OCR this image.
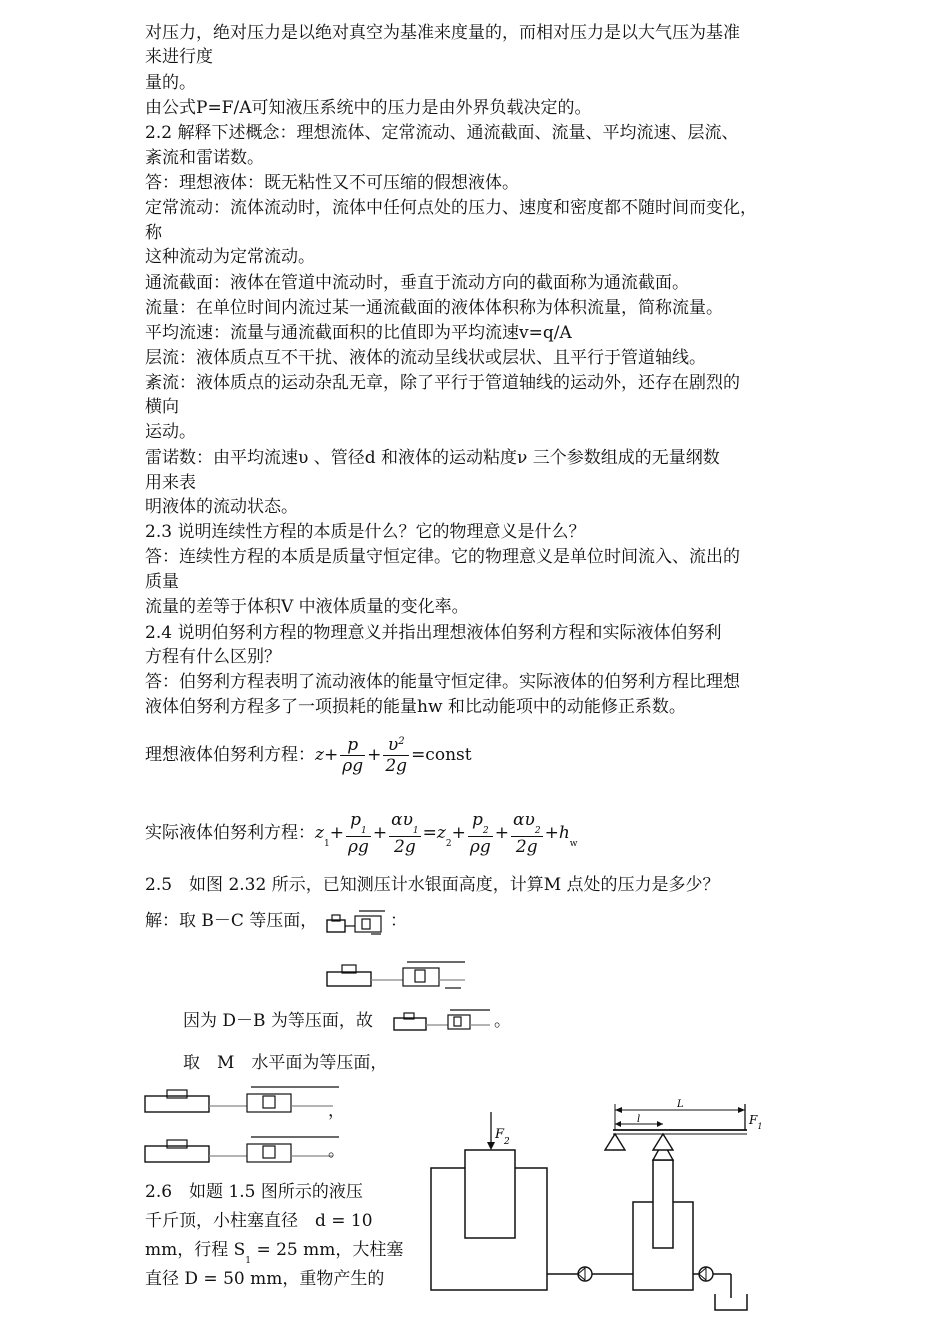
对压力，绝对压力是以绝对真空为基准来度量的，而相对压力是以大气压为基准
来进行度
量的。
由公式P=F/A可知液压系统中的压力是由外界负载决定的。
2.2 解释下述概念：理想流体、定常流动、通流截面、流量、平均流速、层流、
紊流和雷诺数。
答：理想液体：既无粘性又不可压缩的假想液体。
定常流动：流体流动时，流体中任何点处的压力、速度和密度都不随时间而变化，
称
这种流动为定常流动。
通流截面：液体在管道中流动时，垂直于流动方向的截面称为通流截面。
流量：在单位时间内流过某一通流截面的液体体积称为体积流量，简称流量。
平均流速：流量与通流截面积的比值即为平均流速v=q/A
层流：液体质点互不干扰、液体的流动呈线状或层状、且平行于管道轴线。
紊流：液体质点的运动杂乱无章，除了平行于管道轴线的运动外，还存在剧烈的
横向
运动。
雷诺数：由平均流速υ 、管径d 和液体的运动粘度ν 三个参数组成的无量纲数
用来表
明液体的流动状态。
2.3 说明连续性方程的本质是什么？它的物理意义是什么？
答：连续性方程的本质是质量守恒定律。它的物理意义是单位时间流入、流出的
质量
流量的差等于体积V 中液体质量的变化率。
2.4 说明伯努利方程的物理意义并指出理想液体伯努利方程和实际液体伯努利
方程有什么区别？
答：伯努利方程表明了流动液体的能量守恒定律。实际液体的伯努利方程比理想
液体伯努利方程多了一项损耗的能量hw 和比动能项中的动能修正系数。
理想液体伯努利方程：$z+ \frac{p}{\rho g} + \frac{\upsilon^2}{2g}$ =const
实际液体伯努利方程：$z_1+ \frac{p_1}{\rho g} + \frac{\alpha\upsilon_1}{2g} =z_2+ \frac{p_2}{\rho g} + \frac{\alpha\upsilon_2}{2g} +h_w$
2.5　如图 2.32 所示，已知测压计水银面高度，计算M 点处的压力是多少？
解：取 B－C 等压面，	：
因为 D－B 为等压面，故	。
取　M　水平面为等压面，
，
。
2.6　如题 1.5 图所示的液压
千斤顶，小柱塞直径　d = 10
mm，行程 $S_1 = 25$ mm，大柱塞
直径 D = 50 mm，重物产生的
$F_2$
L
l	$F_1$
